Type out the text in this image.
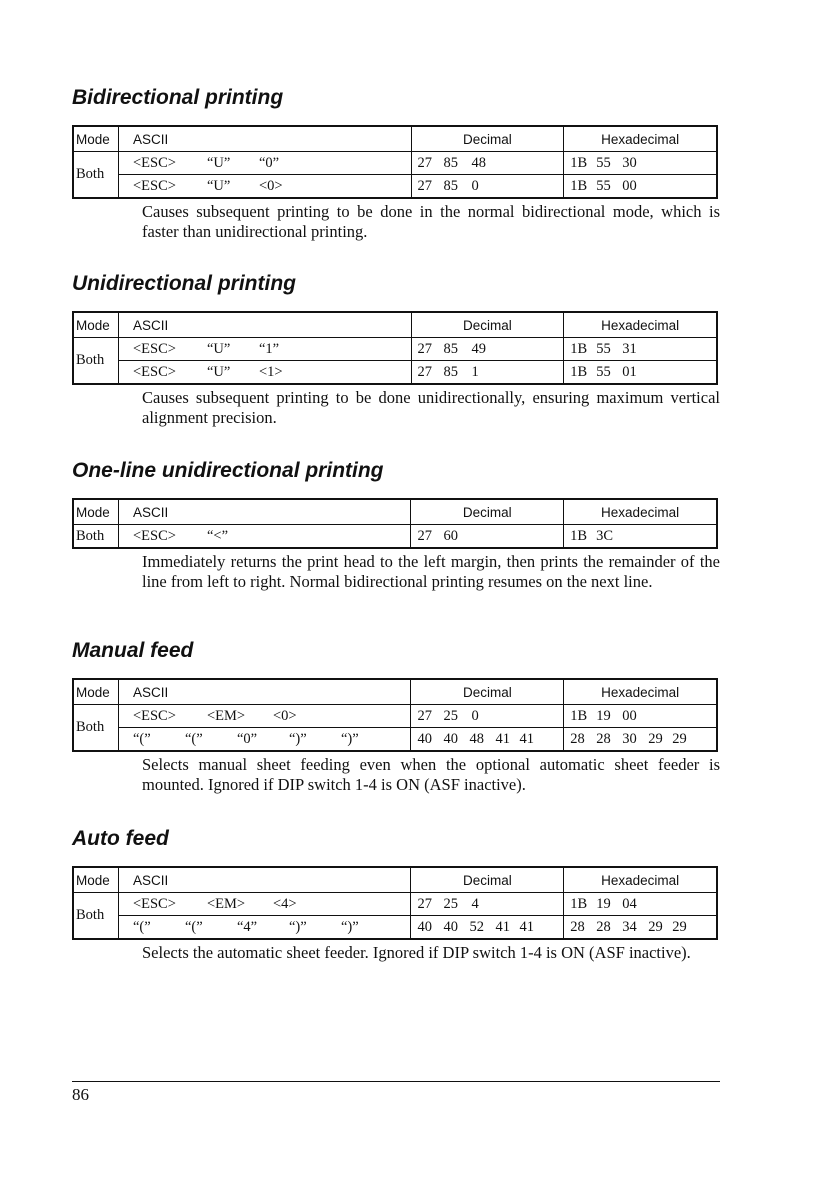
Bidirectional printing
Mode	ASCII	Decimal	Hexadecimal
Both	<ESC> “U” “0”	27 85 48	1B 55 30
	<ESC> “U” <0>	27 85 0	1B 55 00

Causes subsequent printing to be done in the normal bidirectional mode, which is faster than unidirectional printing.

Unidirectional printing
Mode	ASCII	Decimal	Hexadecimal
Both	<ESC> “U” “1”	27 85 49	1B 55 31
	<ESC> “U” <1>	27 85 1	1B 55 01

Causes subsequent printing to be done unidirectionally, ensuring maximum vertical alignment precision.

One-line unidirectional printing
Mode	ASCII	Decimal	Hexadecimal
Both	<ESC> “<”	27 60	1B 3C

Immediately returns the print head to the left margin, then prints the remainder of the line from left to right. Normal bidirectional printing resumes on the next line.

Manual feed
Mode	ASCII	Decimal	Hexadecimal
Both	<ESC> <EM> <0>	27 25 0	1B 19 00
	“(” “(” “0” “)” “)”	40 40 48 41 41	28 28 30 29 29

Selects manual sheet feeding even when the optional automatic sheet feeder is mounted. Ignored if DIP switch 1-4 is ON (ASF inactive).

Auto feed
Mode	ASCII	Decimal	Hexadecimal
Both	<ESC> <EM> <4>	27 25 4	1B 19 04
	“(” “(” “4” “)” “)”	40 40 52 41 41	28 28 34 29 29

Selects the automatic sheet feeder. Ignored if DIP switch 1-4 is ON (ASF inactive).

86
